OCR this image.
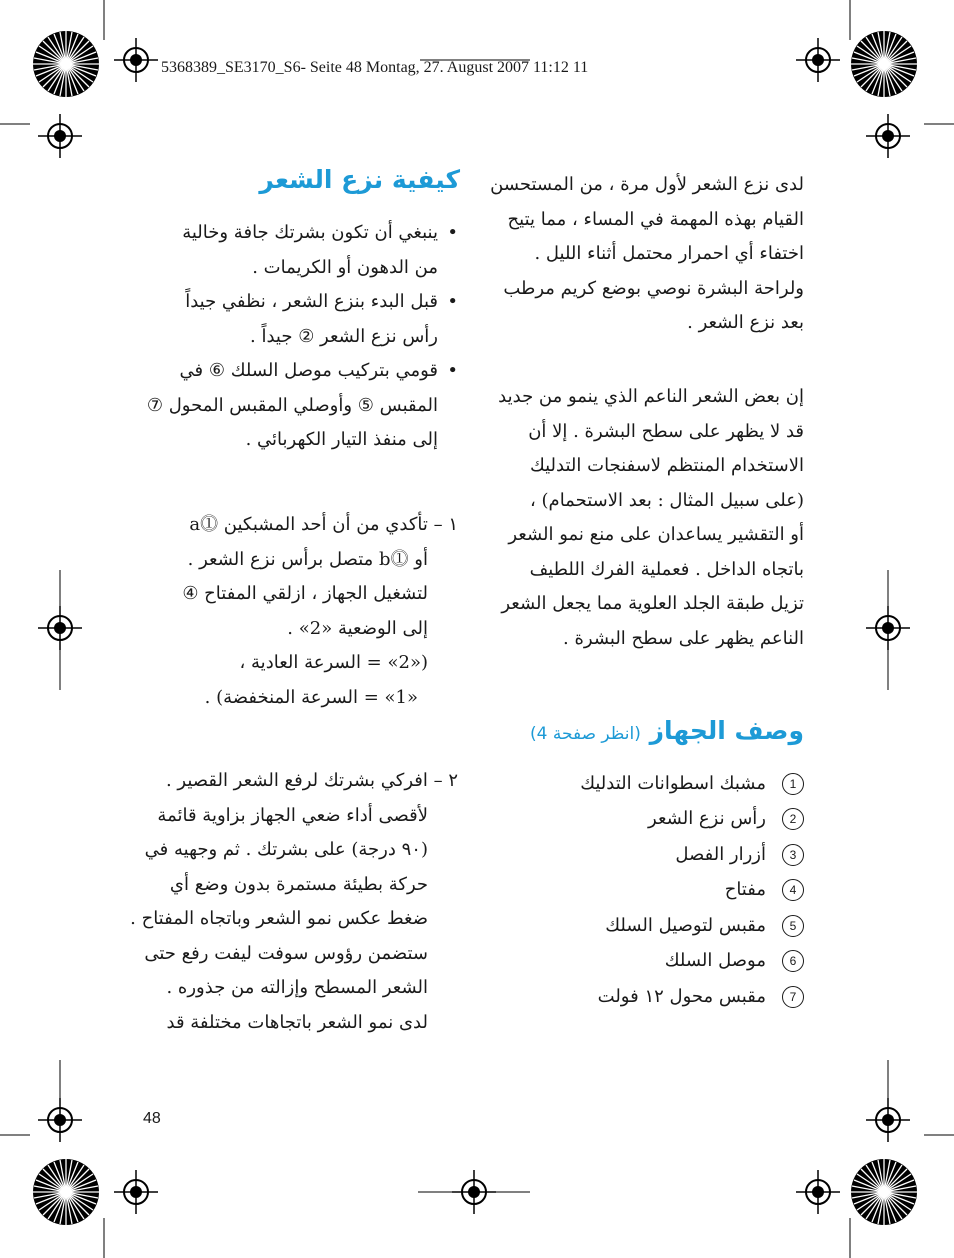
5368389_SE3170_S6- Seite 48 Montag, 27. August 2007 11:12 11
لدى نزع الشعر لأول مرة ، من المستحسن
القيام بهذه المهمة في المساء ، مما يتيح
اختفاء أي احمرار محتمل أثناء الليل .
ولراحة البشرة نوصي بوضع كريم مرطب
بعد نزع الشعر .
إن بعض الشعر الناعم الذي ينمو من جديد
قد لا يظهر على سطح البشرة . إلا أن
الاستخدام المنتظم لاسفنجات التدليك
(على سبيل المثال : بعد الاستحمام) ،
أو التقشير يساعدان على منع نمو الشعر
باتجاه الداخل . فعملية الفرك اللطيف
تزيل طبقة الجلد العلوية مما يجعل الشعر
الناعم يظهر على سطح البشرة .
وصف الجهاز (انظر صفحة 4)
1
مشبك اسطوانات التدليك
2
رأس نزع الشعر
3
أزرار الفصل
4
مفتاح
5
مقبس لتوصيل السلك
6
موصل السلك
7
مقبس محول ١٢ فولت
كيفية نزع الشعر
•
ينبغي أن تكون بشرتك جافة وخالية
من الدهون أو الكريمات .
•
قبل البدء بنزع الشعر ، نظفي جيداً
رأس نزع الشعر ② جيداً .
•
قومي بتركيب موصل السلك ⑥ في
المقبس ⑤ وأوصلي المقبس المحول ⑦
إلى منفذ التيار الكهربائي .
١ – تأكدي من أن أحد المشبكين ⓵a
أو ⓵b متصل برأس نزع الشعر .
لتشغيل الجهاز ، ازلقي المفتاح ④
إلى الوضعية «2» .
(«2» = السرعة العادية ،
«1» = السرعة المنخفضة) .
٢ – افركي بشرتك لرفع الشعر القصير .
لأقصى أداء ضعي الجهاز بزاوية قائمة
(٩٠ درجة) على بشرتك . ثم وجهيه في
حركة بطيئة مستمرة بدون وضع أي
ضغط عكس نمو الشعر وباتجاه المفتاح .
ستضمن رؤوس سوفت ليفت رفع حتى
الشعر المسطح وإزالته من جذوره .
لدى نمو الشعر باتجاهات مختلفة قد
48
